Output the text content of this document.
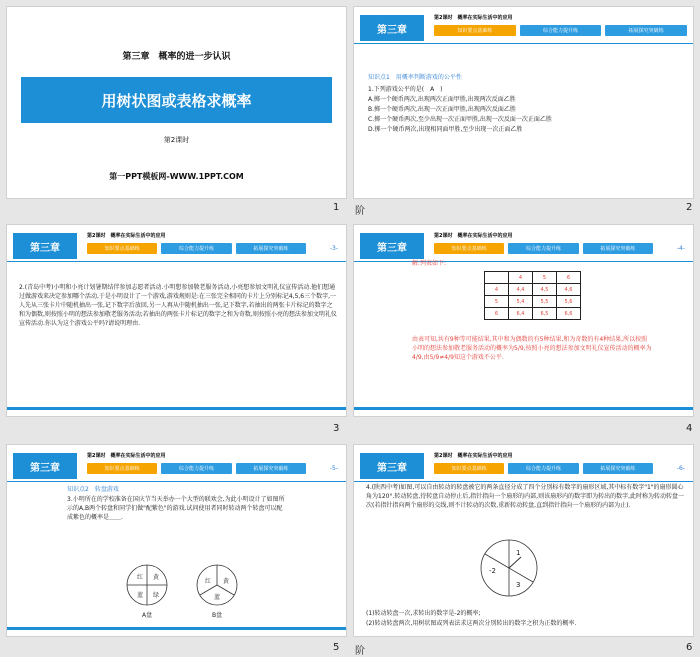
第三章　概率的进一步认识
用树状图或表格求概率
第2课时
第一PPT模板网-WWW.1PPT.COM
1
第三章
第2课时　概率在实际生活中的应用
知识要点基础练	综合能力提升练	拓展探究突破练
知识点1　用概率判断游戏的公平性
1.下列游戏公平的是(　A　)
A.掷一个硬币两次,出现两次正面甲胜,出现两次反面乙胜
B.掷一个硬币两次,出现一次正面甲胜,出现两次反面乙胜
C.掷一个硬币两次,至少出现一次正面甲胜,出现一次反面一次正面乙胜
D.掷一个硬币两次,出现相同面甲胜,至少出现一次正面乙胜
阶	2
第三章
第2课时　概率在实际生活中的应用
知识要点基础练	综合能力提升练	拓展探究突破练	-3-
2.(青岛中考)小明和小亮计划暑期结伴参加志愿者活动.小明想参加敬老服务活动,小亮想参加文明礼仪宣传活动.他们想通过做游戏来决定参加哪个活动,于是小明设计了一个游戏,游戏规则是:在三张完全相同的卡片上分别标记4,5,6三个数字,一人先从三张卡片中随机抽出一张,记下数字后放回,另一人再从中随机抽出一张,记下数字,若抽出的两张卡片标记的数字之和为偶数,则按照小明的想法参加敬老服务活动;若抽出的两张卡片标记的数字之和为奇数,则按照小亮的想法参加文明礼仪宣传活动.你认为这个游戏公平吗?请说明理由.
3
第三章
第2课时　概率在实际生活中的应用
知识要点基础练	综合能力提升练	拓展探究突破练	-4-
解:列表如下:
	4	5	6
4	4,4	4,5	4,6
5	5,4	5,5	5,6
6	6,4	6,5	6,6
由表可知,共有9种等可能结果,其中和为偶数的有5种结果,和为奇数的有4种结果,所以按照小明的想法参加敬老服务活动的概率为5/9,按照小亮的想法参加文明礼仪宣传活动的概率为4/9,由5/9≠4/9知这个游戏不公平.
4
第三章
第2课时　概率在实际生活中的应用
知识要点基础练	综合能力提升练	拓展探究突破练	-5-
知识点2　转盘游戏
3.小明所在的学校准备在国庆节当天举办一个大型的联欢会,为此小明设计了如图所示的A,B两个转盘和同学们做"配紫色"的游戏.试问使用者同时转动两个转盘可以配成紫色的概率是＿＿.
红 黄
蓝 绿
A盘
红 黄
蓝
B盘
5
第三章
第2课时　概率在实际生活中的应用
知识要点基础练	综合能力提升练	拓展探究突破练	-6-
4.(陕西中考)如图,可以自由转动的转盘被它的两条直径分成了四个分别标有数字的扇形区域,其中标有数字"1"的扇形圆心角为120°.转动转盘,待转盘自动停止后,指针指向一个扇形的内部,则该扇形内的数字即为转出的数字,此时称为转动转盘一次(若指针指向两个扇形的交线,则不计转动的次数,重新转动转盘,直到指针指向一个扇形的内部为止).
-2
1
3
(1)转动转盘一次,求转出的数字是-2的概率;
(2)转动转盘两次,用树状图或列表法求这两次分别转出的数字之积为正数的概率.
阶	6
